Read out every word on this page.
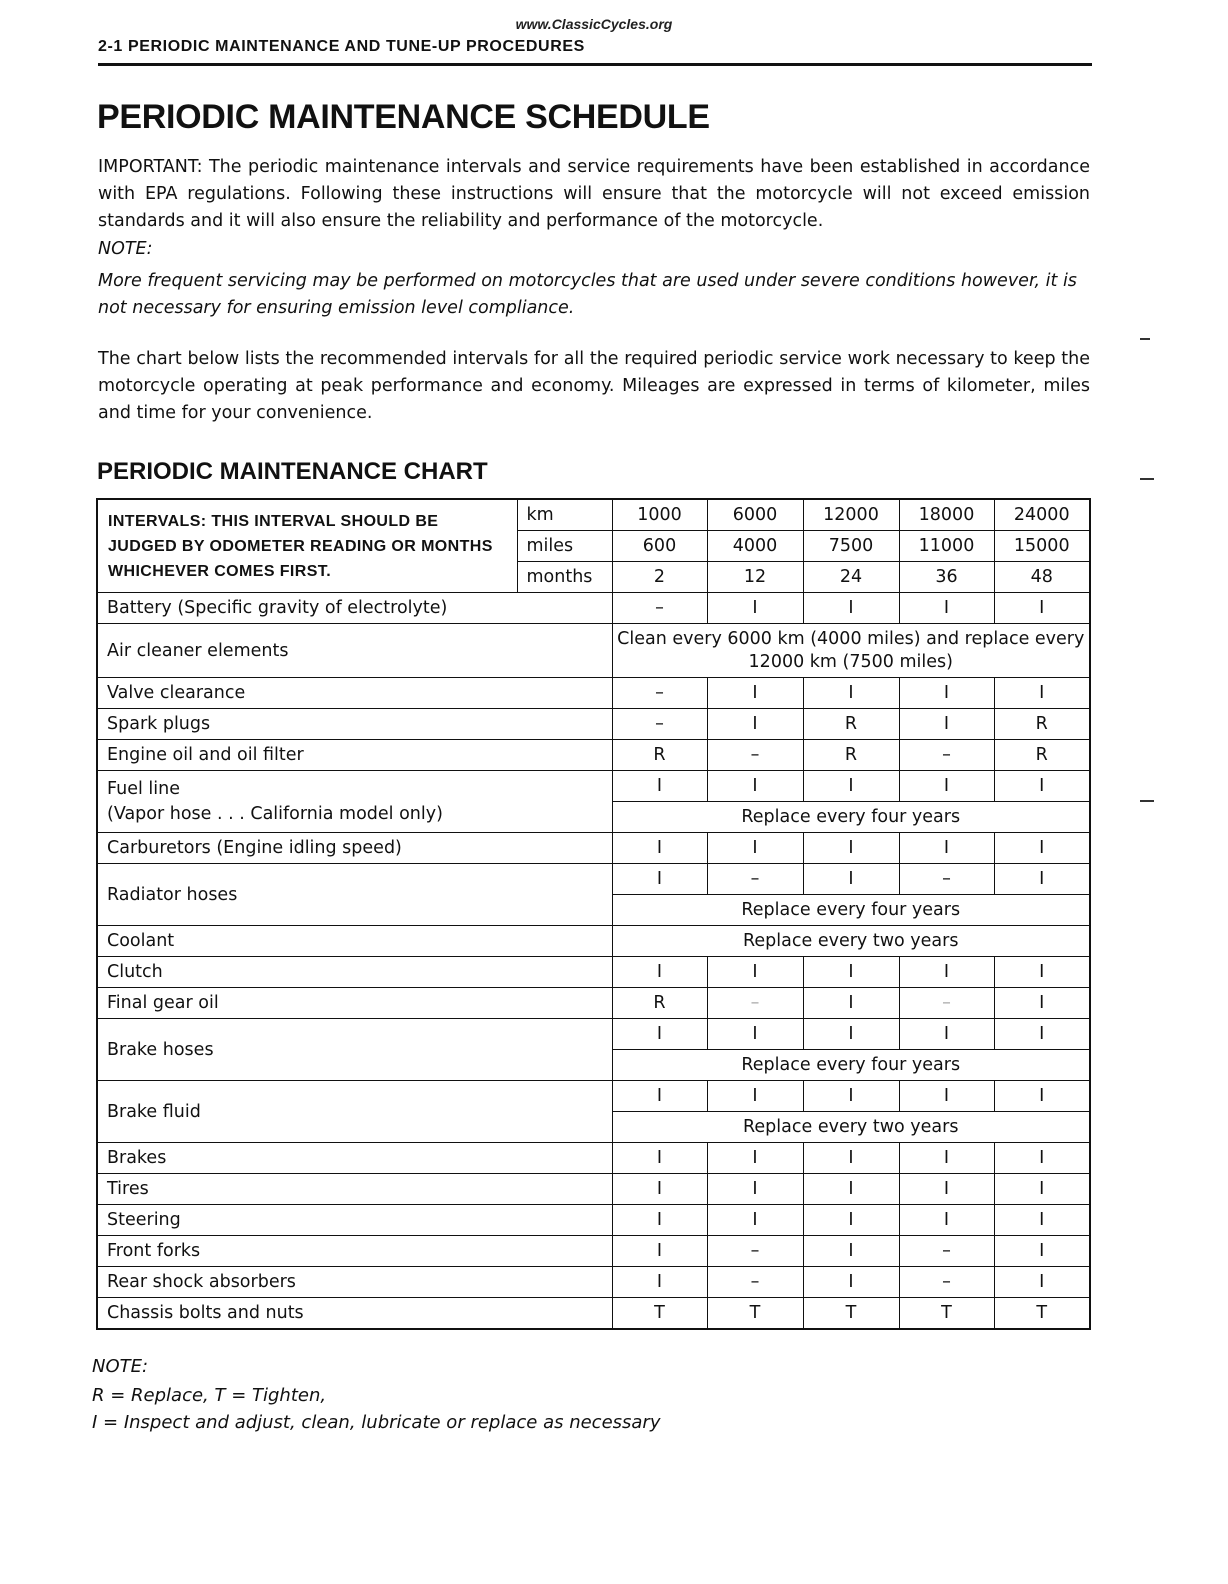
www.ClassicCycles.org
2-1 PERIODIC MAINTENANCE AND TUNE-UP PROCEDURES
PERIODIC MAINTENANCE SCHEDULE

IMPORTANT: The periodic maintenance intervals and service requirements have been established in accordance with EPA regulations. Following these instructions will ensure that the motorcycle will not exceed emission standards and it will also ensure the reliability and performance of the motorcycle.

NOTE:

More frequent servicing may be performed on motorcycles that are used under severe conditions however, it is not necessary for ensuring emission level compliance.

The chart below lists the recommended intervals for all the required periodic service work necessary to keep the motorcycle operating at peak performance and economy. Mileages are expressed in terms of kilometer, miles and time for your convenience.

PERIODIC MAINTENANCE CHART
INTERVALS: THIS INTERVAL SHOULD BE JUDGED BY ODOMETER READING OR MONTHS WHICHEVER COMES FIRST.	km	1000	6000	12000	18000	24000
	miles	600	4000	7500	11000	15000
	months	2	12	24	36	48
Battery (Specific gravity of electrolyte)		–	I	I	I	I
Air cleaner elements		Clean every 6000 km (4000 miles) and replace every 12000 km (7500 miles)				
Valve clearance		–	I	I	I	I
Spark plugs		–	I	R	I	R
Engine oil and oil filter		R	–	R	–	R
Fuel line
(Vapor hose . . . California model only)		I	I	I	I	I
		Replace every four years				
Carburetors (Engine idling speed)		I	I	I	I	I
Radiator hoses		I	–	I	–	I
		Replace every four years				
Coolant		Replace every two years				
Clutch		I	I	I	I	I
Final gear oil		R	–	I	–	I
Brake hoses		I	I	I	I	I
		Replace every four years				
Brake fluid		I	I	I	I	I
		Replace every two years				
Brakes		I	I	I	I	I
Tires		I	I	I	I	I
Steering		I	I	I	I	I
Front forks		I	–	I	–	I
Rear shock absorbers		I	–	I	–	I
Chassis bolts and nuts		T	T	T	T	T

NOTE:

R = Replace, T = Tighten,

I = Inspect and adjust, clean, lubricate or replace as necessary
